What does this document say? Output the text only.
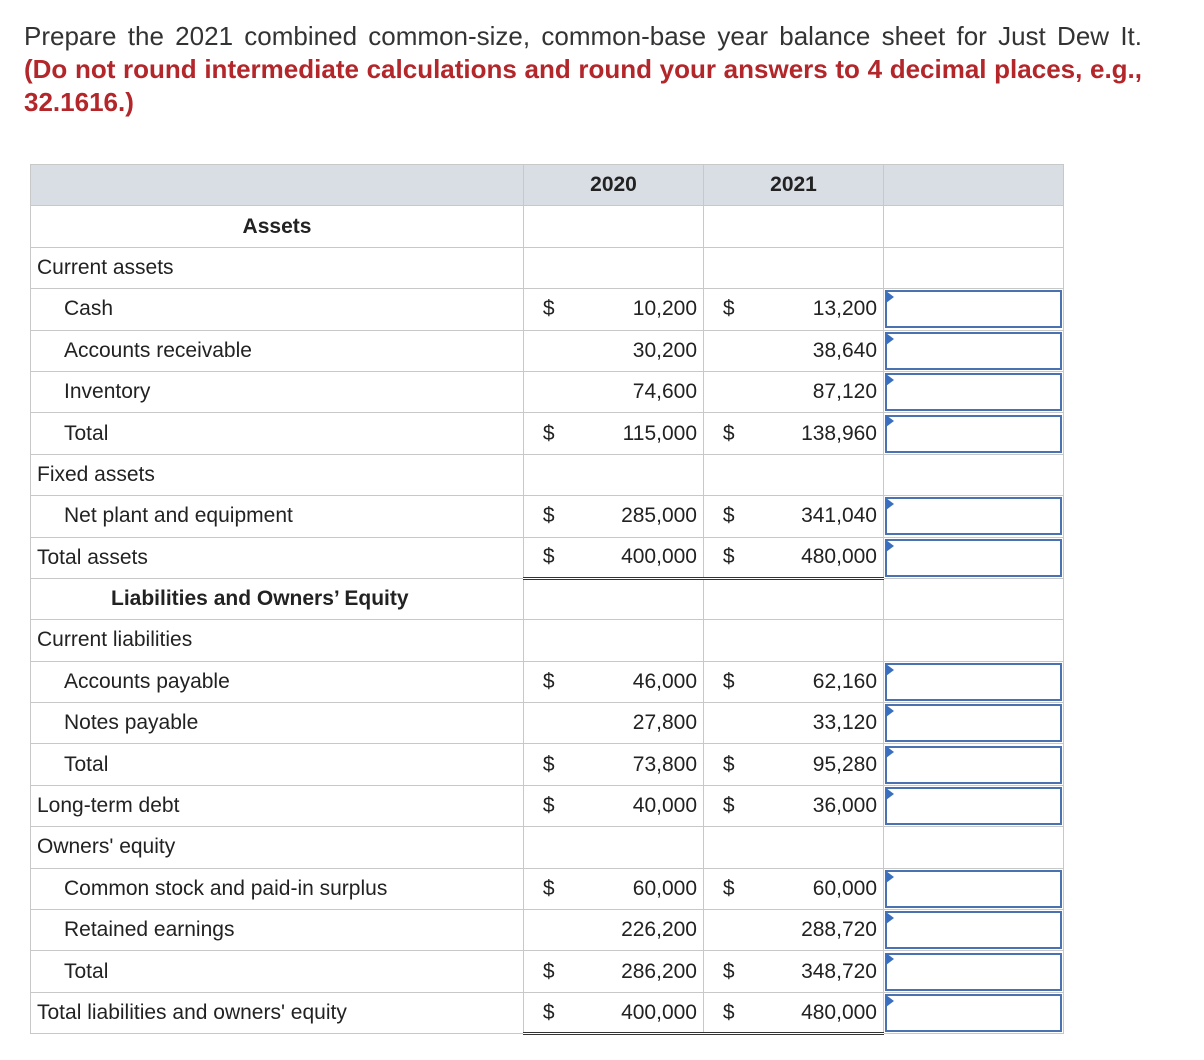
Prepare the 2021 combined common-size, common-base year balance sheet for Just Dew It. (Do not round intermediate calculations and round your answers to 4 decimal places, e.g., 32.1616.)
	2020		2021		
Assets					
Current assets					
Cash	$	10,200	$	13,200	

Accounts receivable		30,200		38,640	

Inventory		74,600		87,120	

Total	$	115,000	$	138,960	

Fixed assets					
Net plant and equipment	$	285,000	$	341,040	

Total assets	$	400,000	$	480,000	

Liabilities and Owners’ Equity					
Current liabilities					
Accounts payable	$	46,000	$	62,160	

Notes payable		27,800		33,120	

Total	$	73,800	$	95,280	

Long-term debt	$	40,000	$	36,000	

Owners' equity					
Common stock and paid-in surplus	$	60,000	$	60,000	

Retained earnings		226,200		288,720	

Total	$	286,200	$	348,720	

Total liabilities and owners' equity	$	400,000	$	480,000	
